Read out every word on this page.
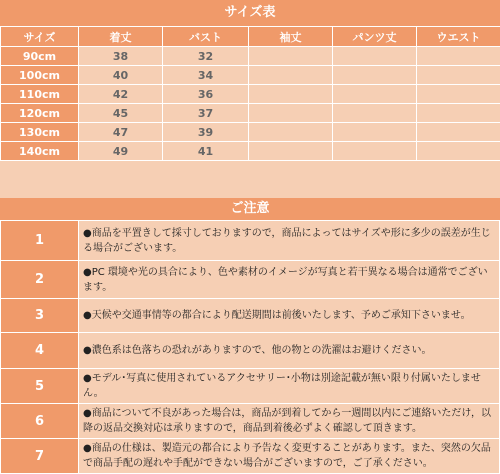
サイズ表
サイズ	着丈	バスト	袖丈	パンツ丈	ウエスト
90cm	38	32			
100cm	40	34			
110cm	42	36			
120cm	45	37			
130cm	47	39			
140cm	49	41			
ご注意
1	●商品を平置きして採寸しておりますので，商品によってはサイズや形に多少の誤差が生じる場合がございます。
2	●PC 環境や光の具合により、色や素材のイメージが写真と若干異なる場合は通常でございます。
3	●天候や交通事情等の都合により配送期間は前後いたします、予めご承知下さいませ。
4	●濃色系は色落ちの恐れがありますので、他の物との洗濯はお避けください。
5	●モデル･写真に使用されているアクセサリー･小物は別途記載が無い限り付属いたしません。
6	●商品について不良があった場合は，商品が到着してから一週間以内にご連絡いただけ，以降の返品交換対応は承りますので，商品到着後必ずよく確認して頂きます。
7	●商品の仕様は、製造元の都合により予告なく変更することがあります。また、突然の欠品で商品手配の遅れや手配ができない場合がございますので，ご了承ください。
